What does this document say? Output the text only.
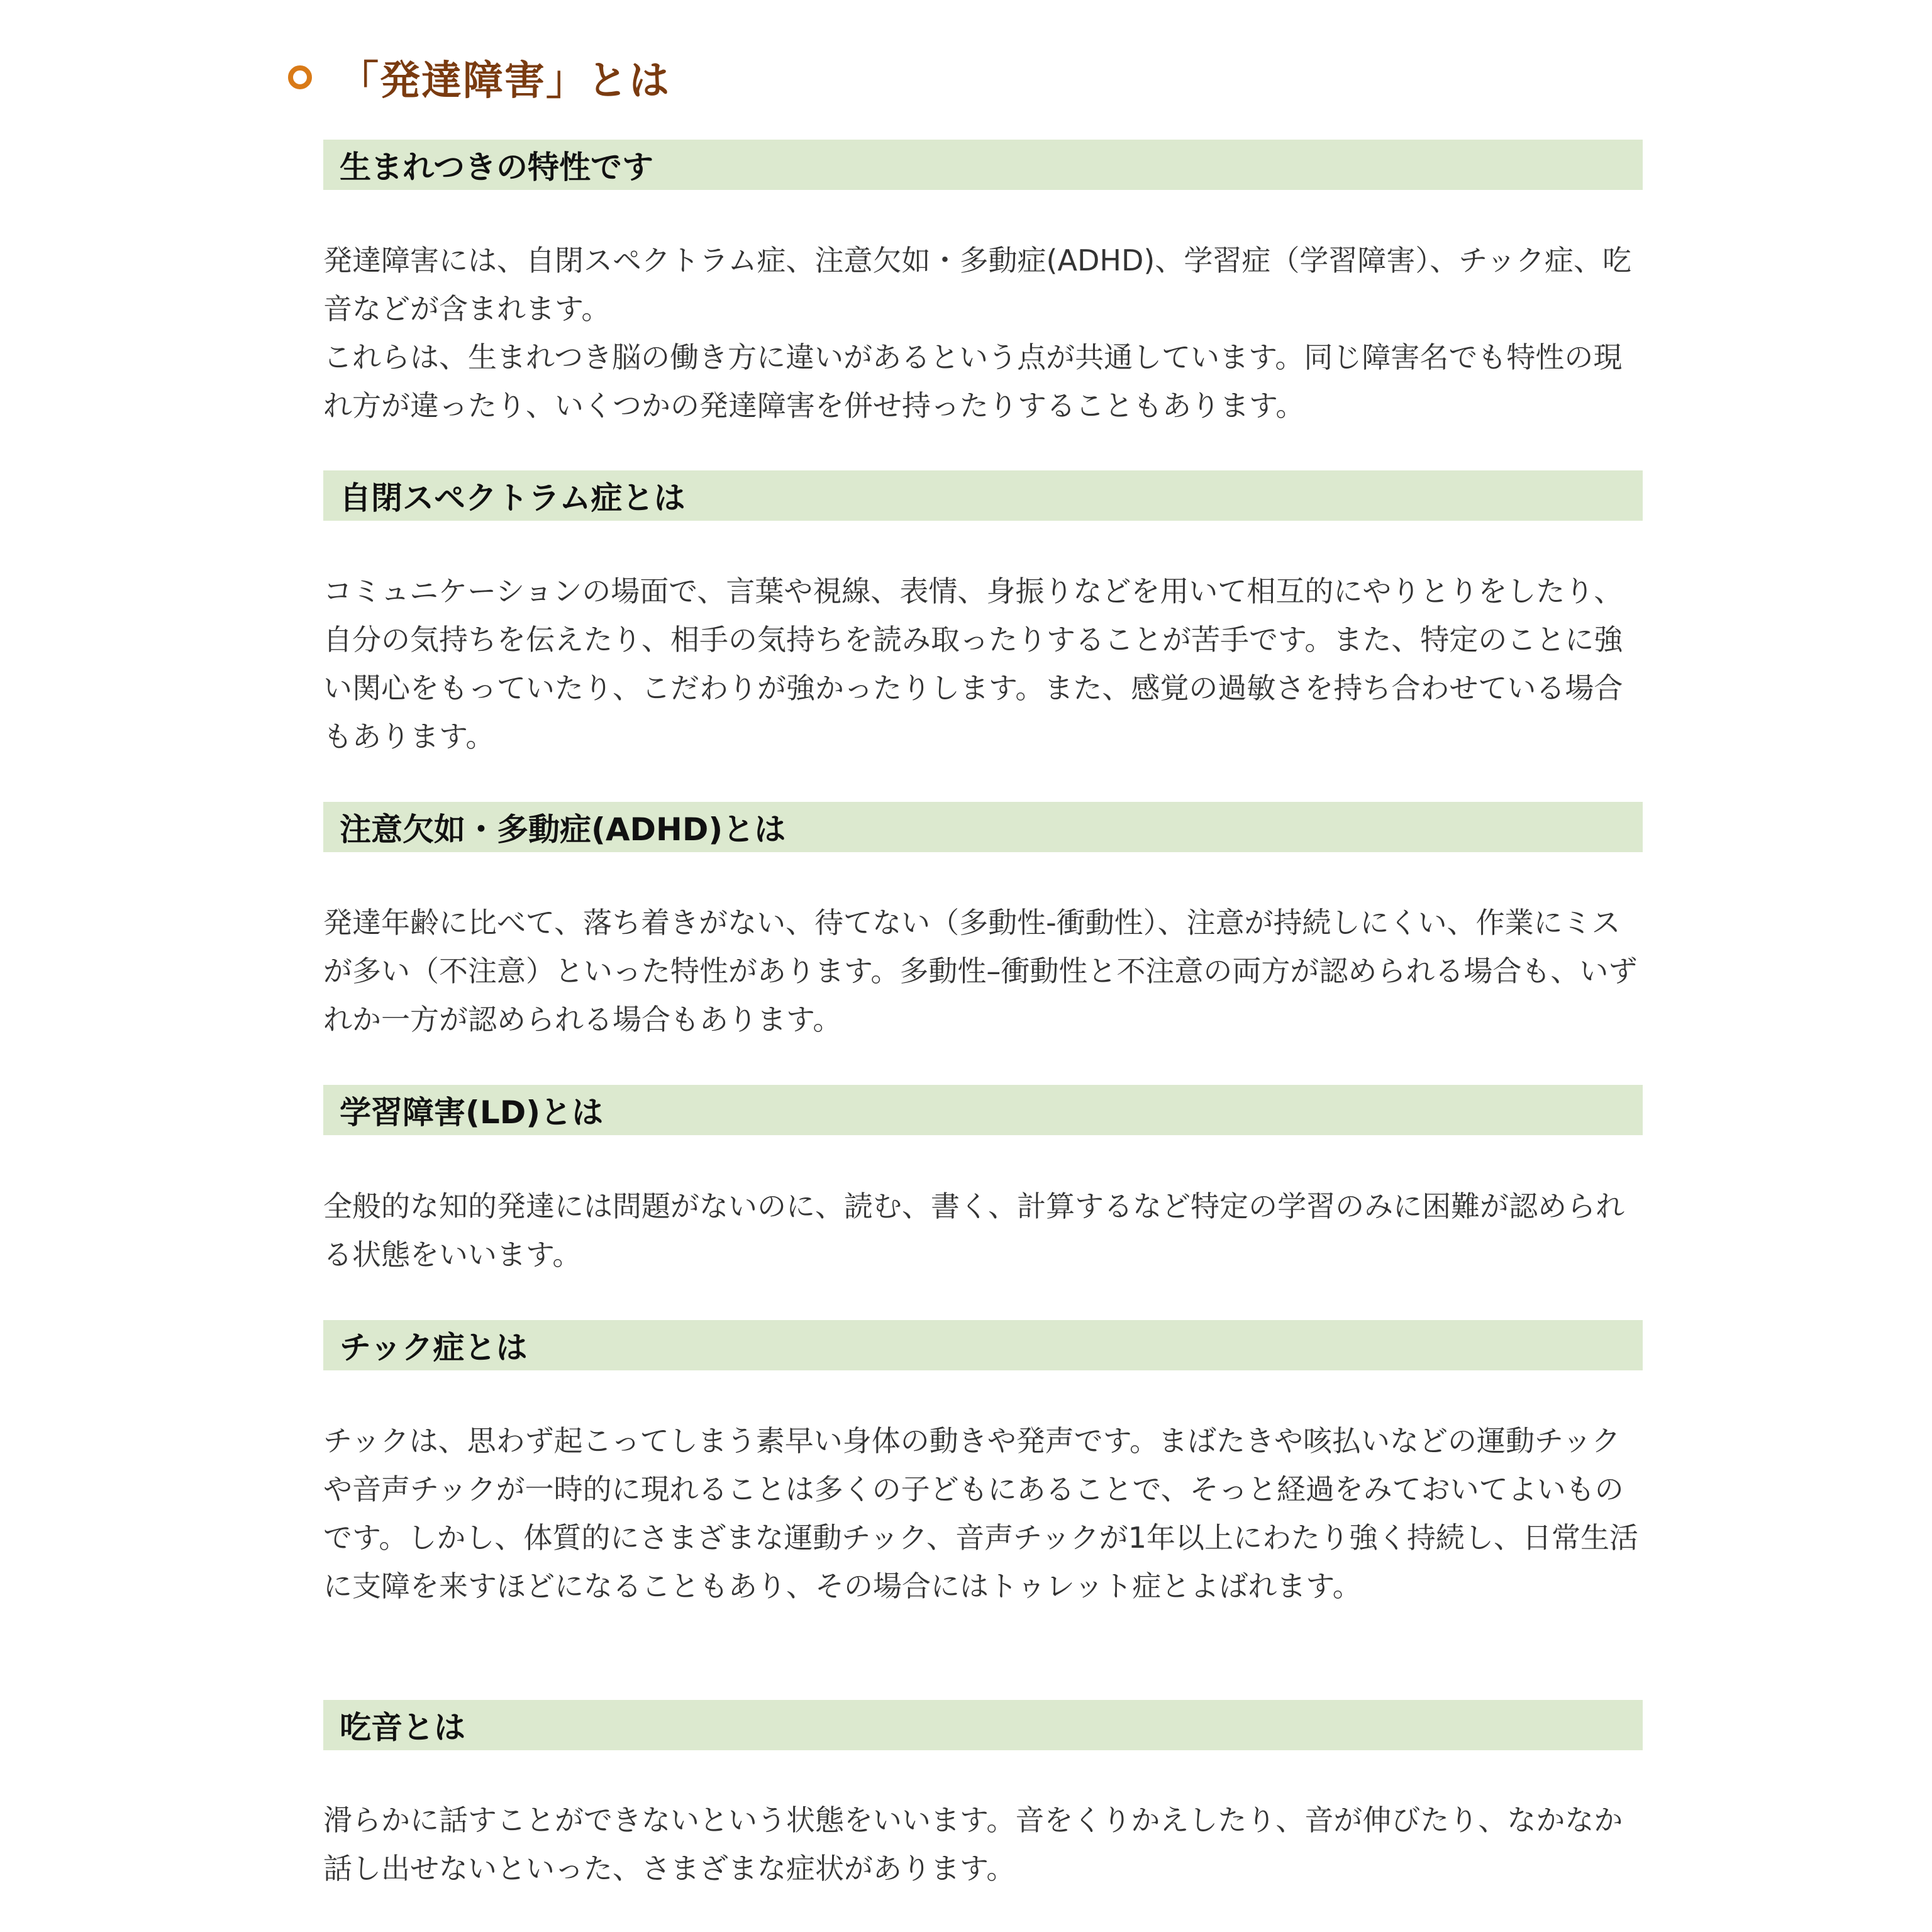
「発達障害」とは
生まれつきの特性です

発達障害には、自閉スペクトラム症、注意欠如・多動症(ADHD)、学習症（学習障害）、チック症、吃音などが含まれます。

これらは、生まれつき脳の働き方に違いがあるという点が共通しています。同じ障害名でも特性の現れ方が違ったり、いくつかの発達障害を併せ持ったりすることもあります。

自閉スペクトラム症とは

コミュニケーションの場面で、言葉や視線、表情、身振りなどを用いて相互的にやりとりをしたり、自分の気持ちを伝えたり、相手の気持ちを読み取ったりすることが苦手です。また、特定のことに強い関心をもっていたり、こだわりが強かったりします。また、感覚の過敏さを持ち合わせている場合もあります。

注意欠如・多動症(ADHD)とは

発達年齢に比べて、落ち着きがない、待てない（多動性-衝動性）、注意が持続しにくい、作業にミスが多い（不注意）といった特性があります。多動性–衝動性と不注意の両方が認められる場合も、いずれか一方が認められる場合もあります。

学習障害(LD)とは

全般的な知的発達には問題がないのに、読む、書く、計算するなど特定の学習のみに困難が認められる状態をいいます。

チック症とは

チックは、思わず起こってしまう素早い身体の動きや発声です。まばたきや咳払いなどの運動チックや音声チックが一時的に現れることは多くの子どもにあることで、そっと経過をみておいてよいものです。しかし、体質的にさまざまな運動チック、音声チックが1年以上にわたり強く持続し、日常生活に支障を来すほどになることもあり、その場合にはトゥレット症とよばれます。

吃音とは

滑らかに話すことができないという状態をいいます。音をくりかえしたり、音が伸びたり、なかなか話し出せないといった、さまざまな症状があります。
